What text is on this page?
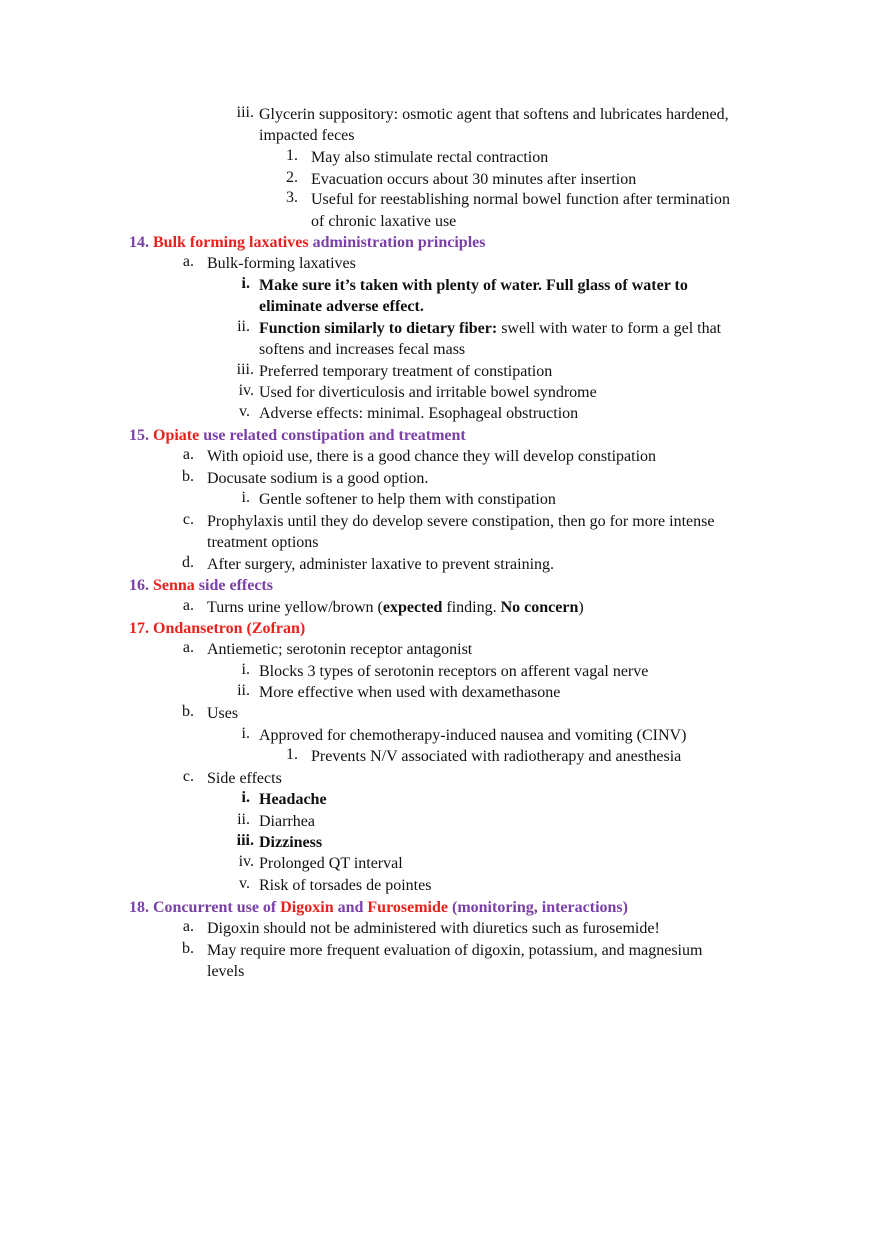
iii. Glycerin suppository: osmotic agent that softens and lubricates hardened,
impacted feces
1. May also stimulate rectal contraction
2. Evacuation occurs about 30 minutes after insertion
3. Useful for reestablishing normal bowel function after termination
of chronic laxative use
14. Bulk forming laxatives administration principles
a. Bulk-forming laxatives
i. Make sure it’s taken with plenty of water. Full glass of water to
eliminate adverse effect.
ii. Function similarly to dietary fiber: swell with water to form a gel that
softens and increases fecal mass
iii. Preferred temporary treatment of constipation
iv. Used for diverticulosis and irritable bowel syndrome
v. Adverse effects: minimal. Esophageal obstruction
15. Opiate use related constipation and treatment
a. With opioid use, there is a good chance they will develop constipation
b. Docusate sodium is a good option.
i. Gentle softener to help them with constipation
c. Prophylaxis until they do develop severe constipation, then go for more intense
treatment options
d. After surgery, administer laxative to prevent straining.
16. Senna side effects
a. Turns urine yellow/brown (expected finding. No concern)
17. Ondansetron (Zofran)
a. Antiemetic; serotonin receptor antagonist
i. Blocks 3 types of serotonin receptors on afferent vagal nerve
ii. More effective when used with dexamethasone
b. Uses
i. Approved for chemotherapy-induced nausea and vomiting (CINV)
1. Prevents N/V associated with radiotherapy and anesthesia
c. Side effects
i. Headache
ii. Diarrhea
iii. Dizziness
iv. Prolonged QT interval
v. Risk of torsades de pointes
18. Concurrent use of Digoxin and Furosemide (monitoring, interactions)
a. Digoxin should not be administered with diuretics such as furosemide!
b. May require more frequent evaluation of digoxin, potassium, and magnesium
levels
